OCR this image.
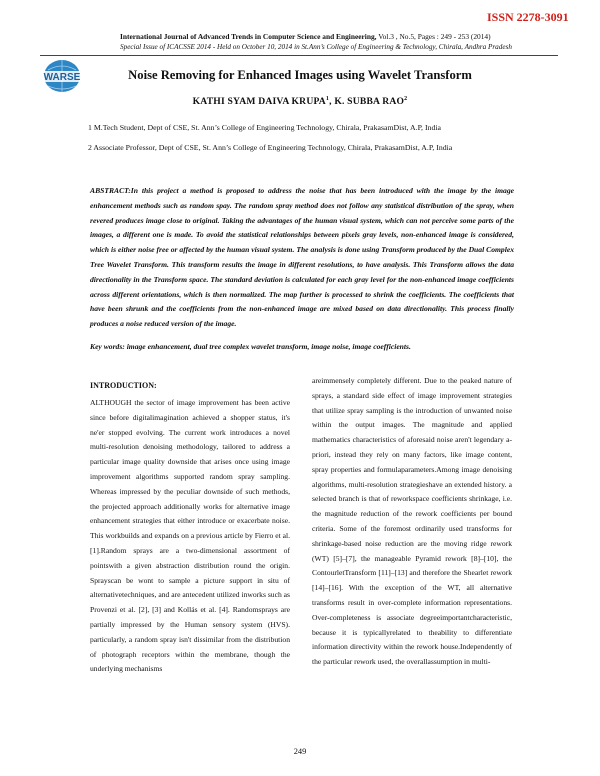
ISSN 2278-3091
International Journal of Advanced Trends in Computer Science and Engineering, Vol.3 , No.5, Pages : 249 - 253 (2014)
Special Issue of ICACSSE 2014 - Held on October 10, 2014 in St.Ann’s College of Engineering & Technology, Chirala, Andhra Pradesh
WARSE	Noise Removing for Enhanced Images using Wavelet Transform
KATHI SYAM DAIVA KRUPA$^1$, K. SUBBA RAO$^2$
1 M.Tech Student, Dept of CSE, St. Ann’s College of Engineering Technology, Chirala, PrakasamDist, A.P, India
2 Associate Professor, Dept of CSE, St. Ann’s College of Engineering Technology, Chirala, PrakasamDist, A.P, India

ABSTRACT:In this project a method is proposed to address the noise that has been introduced with the image by the image enhancement methods such as random spay. The random spray method does not follow any statistical distribution of the spray, when revered produces image close to original. Taking the advantages of the human visual system, which can not perceive some parts of the images, a different one is made. To avoid the statistical relationships between pixels gray levels, non-enhanced image is considered, which is either noise free or affected by the human visual system. The analysis is done using Transform produced by the Dual Complex Tree Wavelet Transform. This transform results the image in different resolutions, to have analysis. This Transform allows the data directionality in the Transform space. The standard deviation is calculated for each gray level for the non-enhanced image coefficients across different orientations, which is then normalized. The map further is processed to shrink the coefficients. The coefficients that have been shrunk and the coefficients from the non-enhanced image are mixed based on data directionality. This process finally produces a noise reduced version of the image.

Key words: image enhancement, dual tree complex wavelet transform, image noise, image coefficients.
INTRODUCTION:

ALTHOUGH the sector of image improvement has been active since before digitalimagination achieved a shopper status, it's ne'er stopped evolving. The current work introduces a novel multi-resolution denoising methodology, tailored to address a particular image quality downside that arises once using image improvement algorithms supported random spray sampling. Whereas impressed by the peculiar downside of such methods, the projected approach additionally works for alternative image enhancement strategies that either introduce or exacerbate noise. This workbuilds and expands on a previous article by Fierro et al. [1].Random sprays are a two-dimensional assortment of pointswith a given abstraction distribution round the origin. Sprayscan be wont to sample a picture support in situ of alternativetechniques, and are antecedent utilized inworks such as Provenzi et al. [2], [3] and Kollás et al. [4]. Randomsprays are partially impressed by the Human sensory system (HVS). particularly, a random spray isn't dissimilar from the distribution of photograph receptors within the membrane, though the underlying mechanisms

areimmensely completely different. Due to the peaked nature of sprays, a standard side effect of image improvement strategies that utilize spray sampling is the introduction of unwanted noise within the output images. The magnitude and applied mathematics characteristics of aforesaid noise aren't legendary a-priori, instead they rely on many factors, like image content, spray properties and formulaparameters.Among image denoising algorithms, multi-resolution strategieshave an extended history. a selected branch is that of reworkspace coefficients shrinkage, i.e. the magnitude reduction of the rework coefficients per bound criteria. Some of the foremost ordinarily used transforms for shrinkage-based noise reduction are the moving ridge rework (WT) [5]–[7], the manageable Pyramid rework [8]–[10], the ContourletTransform [11]–[13] and therefore the Shearlet rework [14]–[16]. With the exception of the WT, all alternative transforms result in over-complete information representations. Over-completeness is associate degreeimportantcharacteristic, because it is typicallyrelated to theability to differentiate information directivity within the rework house.Independently of the particular rework used, the overallassumption in multi-

249
